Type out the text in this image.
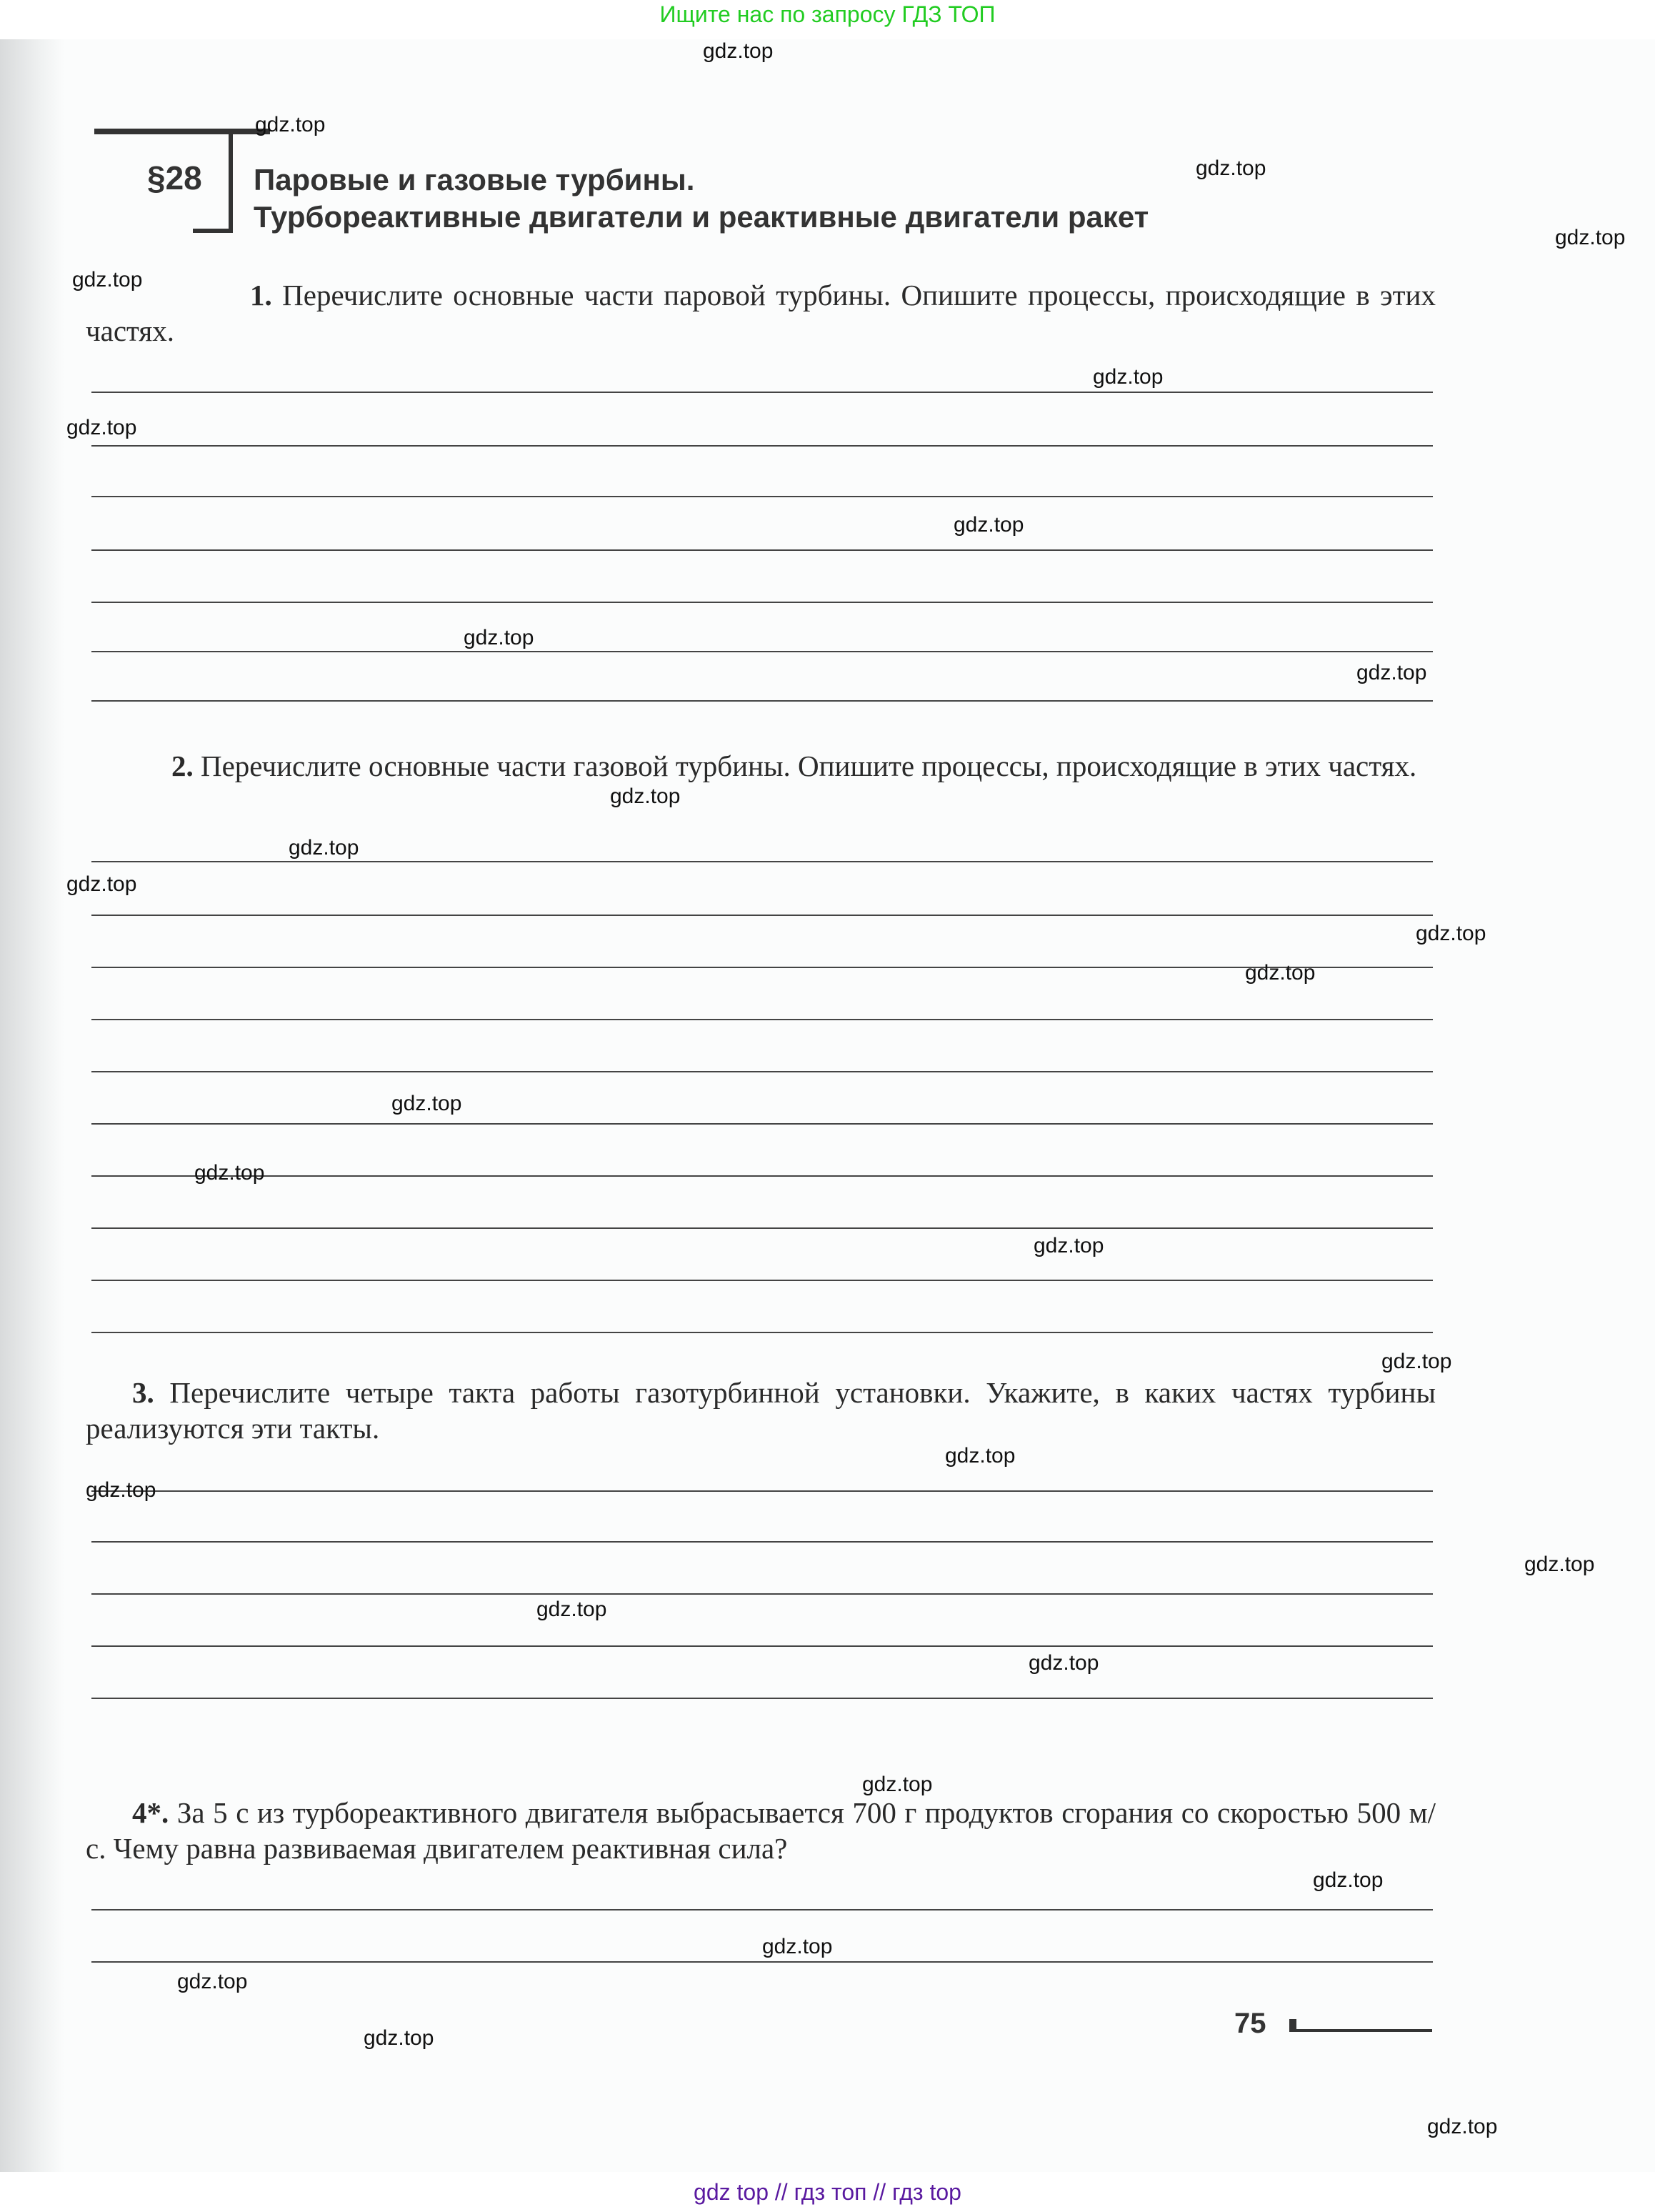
Ищите нас по запросу ГДЗ ТОП
§28 Паровые и газовые турбины.
Турбореактивные двигатели и реактивные двигатели ракет
1. Перечислите основные части паровой турбины. Опишите процессы, происходящие в этих частях.
2. Перечислите основные части газовой турбины. Опишите процессы, происходящие в этих частях.
3. Перечислите четыре такта работы газотурбинной установки. Укажите, в каких частях турбины реализуются эти такты.
4*. За 5 с из турбореактивного двигателя выбрасывается 700 г продуктов сгорания со скоростью 500 м/с. Чему равна развиваемая двигателем реактивная сила?
gdz.top
gdz.top
gdz.top
gdz.top
gdz.top
gdz.top
gdz.top
gdz.top
gdz.top
gdz.top
gdz.top
gdz.top
gdz.top
gdz.top
gdz.top
gdz.top
gdz.top
gdz.top
gdz.top
gdz.top
gdz.top
gdz.top
gdz.top
gdz.top
gdz.top
gdz.top
gdz.top
gdz.top
gdz.top
gdz.top
75
gdz top // гдз топ // гдз top
